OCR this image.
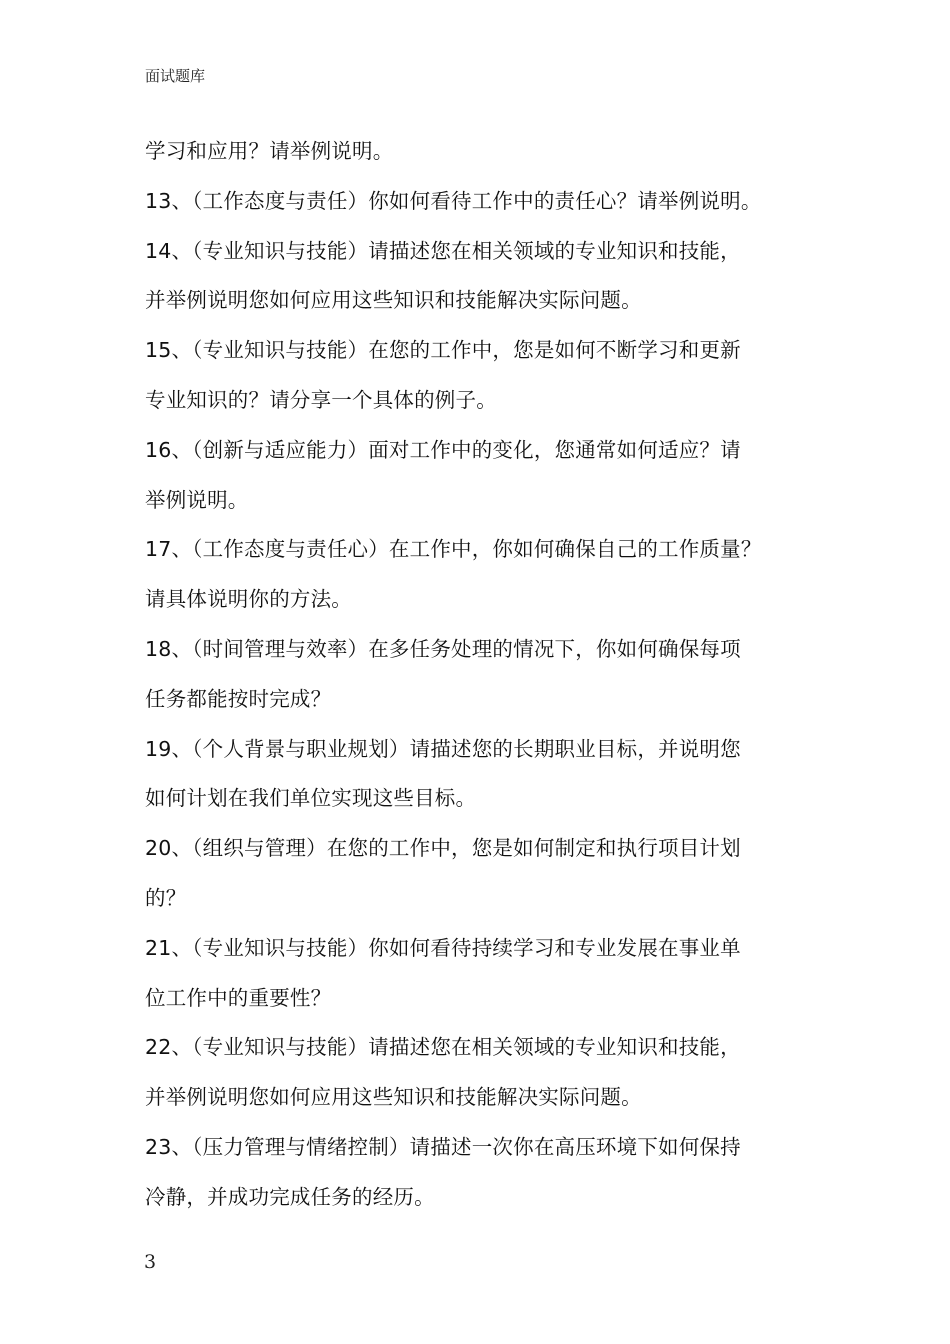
面试题库
学习和应用？请举例说明。
13、（工作态度与责任）你如何看待工作中的责任心？请举例说明。
14、（专业知识与技能）请描述您在相关领域的专业知识和技能，
并举例说明您如何应用这些知识和技能解决实际问题。
15、（专业知识与技能）在您的工作中，您是如何不断学习和更新
专业知识的？请分享一个具体的例子。
16、（创新与适应能力）面对工作中的变化，您通常如何适应？请
举例说明。
17、（工作态度与责任心）在工作中，你如何确保自己的工作质量？
请具体说明你的方法。
18、（时间管理与效率）在多任务处理的情况下，你如何确保每项
任务都能按时完成？
19、（个人背景与职业规划）请描述您的长期职业目标，并说明您
如何计划在我们单位实现这些目标。
20、（组织与管理）在您的工作中，您是如何制定和执行项目计划
的？
21、（专业知识与技能）你如何看待持续学习和专业发展在事业单
位工作中的重要性？
22、（专业知识与技能）请描述您在相关领域的专业知识和技能，
并举例说明您如何应用这些知识和技能解决实际问题。
23、（压力管理与情绪控制）请描述一次你在高压环境下如何保持
冷静，并成功完成任务的经历。
3
